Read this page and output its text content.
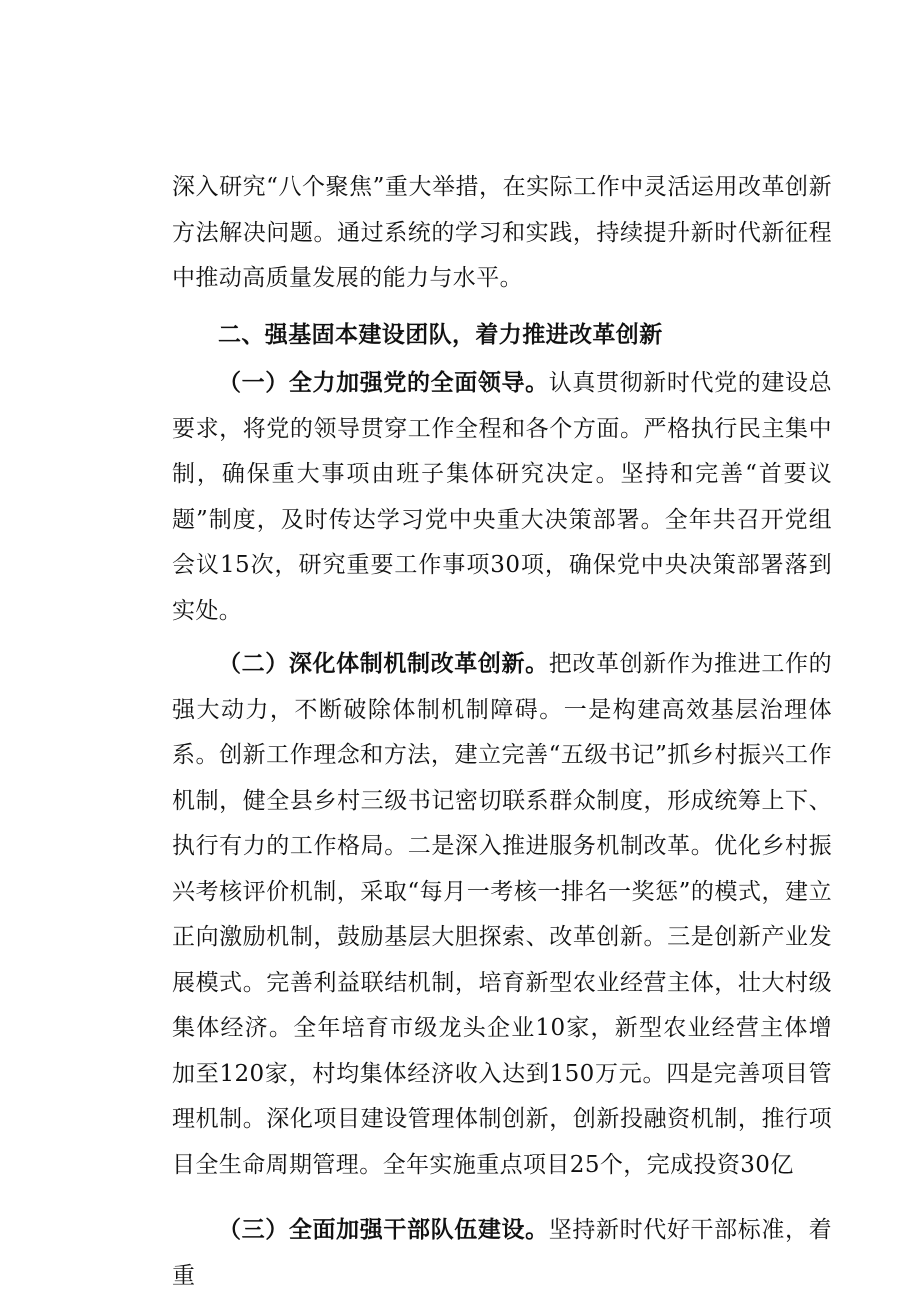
深入研究“八个聚焦”重大举措，在实际工作中灵活运用改革创新方法解决问题。通过系统的学习和实践，持续提升新时代新征程中推动高质量发展的能力与水平。

二、强基固本建设团队，着力推进改革创新

（一）全力加强党的全面领导。认真贯彻新时代党的建设总要求，将党的领导贯穿工作全程和各个方面。严格执行民主集中制，确保重大事项由班子集体研究决定。坚持和完善“首要议题”制度，及时传达学习党中央重大决策部署。全年共召开党组会议15次，研究重要工作事项30项，确保党中央决策部署落到实处。

（二）深化体制机制改革创新。把改革创新作为推进工作的强大动力，不断破除体制机制障碍。一是构建高效基层治理体系。创新工作理念和方法，建立完善“五级书记”抓乡村振兴工作机制，健全县乡村三级书记密切联系群众制度，形成统筹上下、执行有力的工作格局。二是深入推进服务机制改革。优化乡村振兴考核评价机制，采取“每月一考核一排名一奖惩”的模式，建立正向激励机制，鼓励基层大胆探索、改革创新。三是创新产业发展模式。完善利益联结机制，培育新型农业经营主体，壮大村级集体经济。全年培育市级龙头企业10家，新型农业经营主体增加至120家，村均集体经济收入达到150万元。四是完善项目管理机制。深化项目建设管理体制创新，创新投融资机制，推行项目全生命周期管理。全年实施重点项目25个，完成投资30亿

（三）全面加强干部队伍建设。坚持新时代好干部标准，着重
